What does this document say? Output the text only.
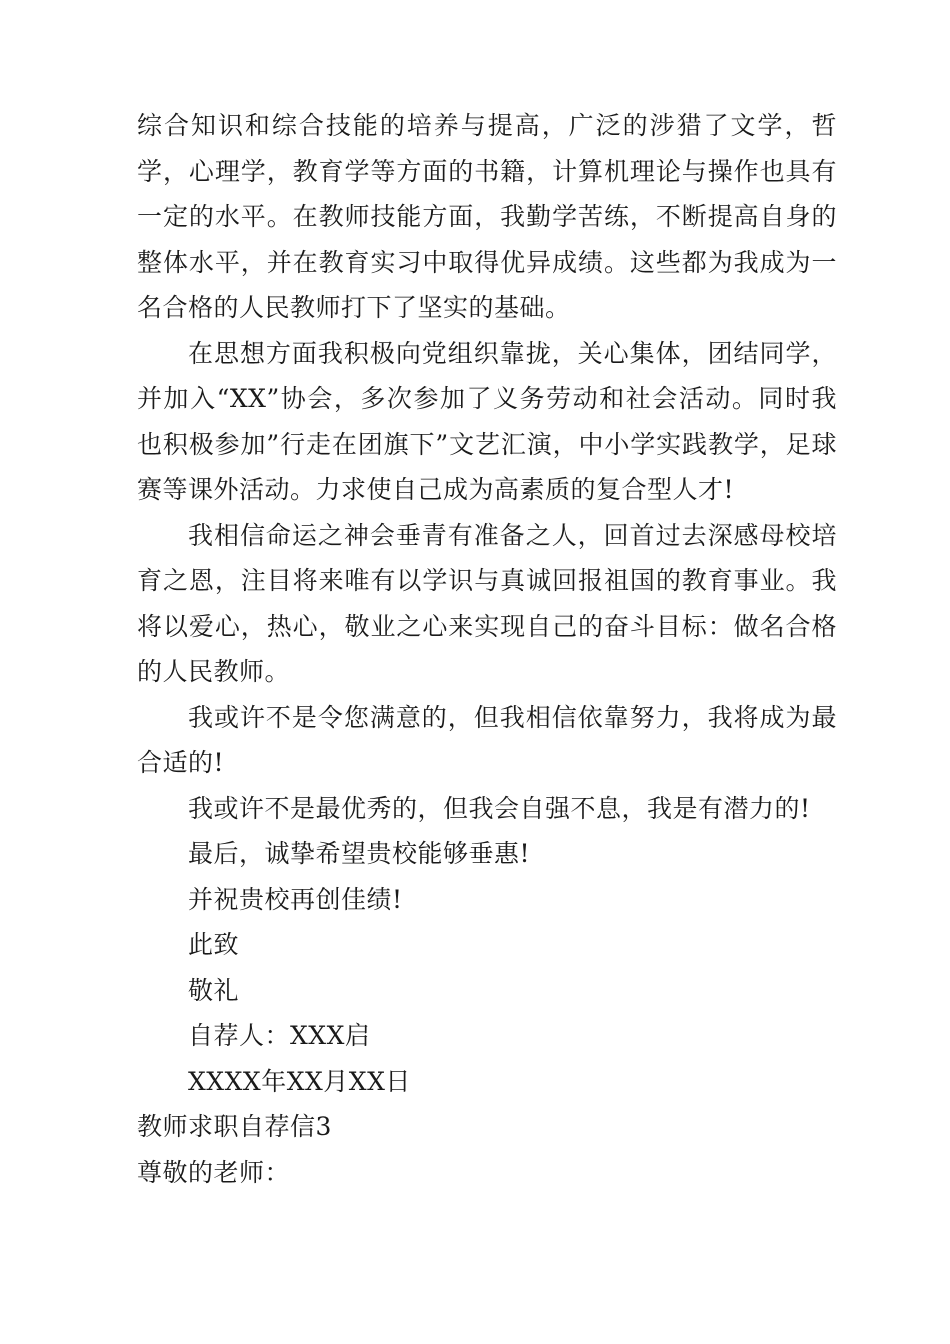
综合知识和综合技能的培养与提高，广泛的涉猎了文学，哲学，心理学，教育学等方面的书籍，计算机理论与操作也具有一定的水平。在教师技能方面，我勤学苦练，不断提高自身的整体水平，并在教育实习中取得优异成绩。这些都为我成为一名合格的人民教师打下了坚实的基础。

在思想方面我积极向党组织靠拢，关心集体，团结同学，并加入“XX”协会，多次参加了义务劳动和社会活动。同时我也积极参加”行走在团旗下”文艺汇演，中小学实践教学，足球赛等课外活动。力求使自己成为高素质的复合型人才!

我相信命运之神会垂青有准备之人，回首过去深感母校培育之恩，注目将来唯有以学识与真诚回报祖国的教育事业。我将以爱心，热心，敬业之心来实现自己的奋斗目标：做名合格的人民教师。

我或许不是令您满意的，但我相信依靠努力，我将成为最合适的!

我或许不是最优秀的，但我会自强不息，我是有潜力的!

最后，诚挚希望贵校能够垂惠!

并祝贵校再创佳绩!

此致

敬礼

自荐人：XXX启

XXXX年XX月XX日

教师求职自荐信3

尊敬的老师：
